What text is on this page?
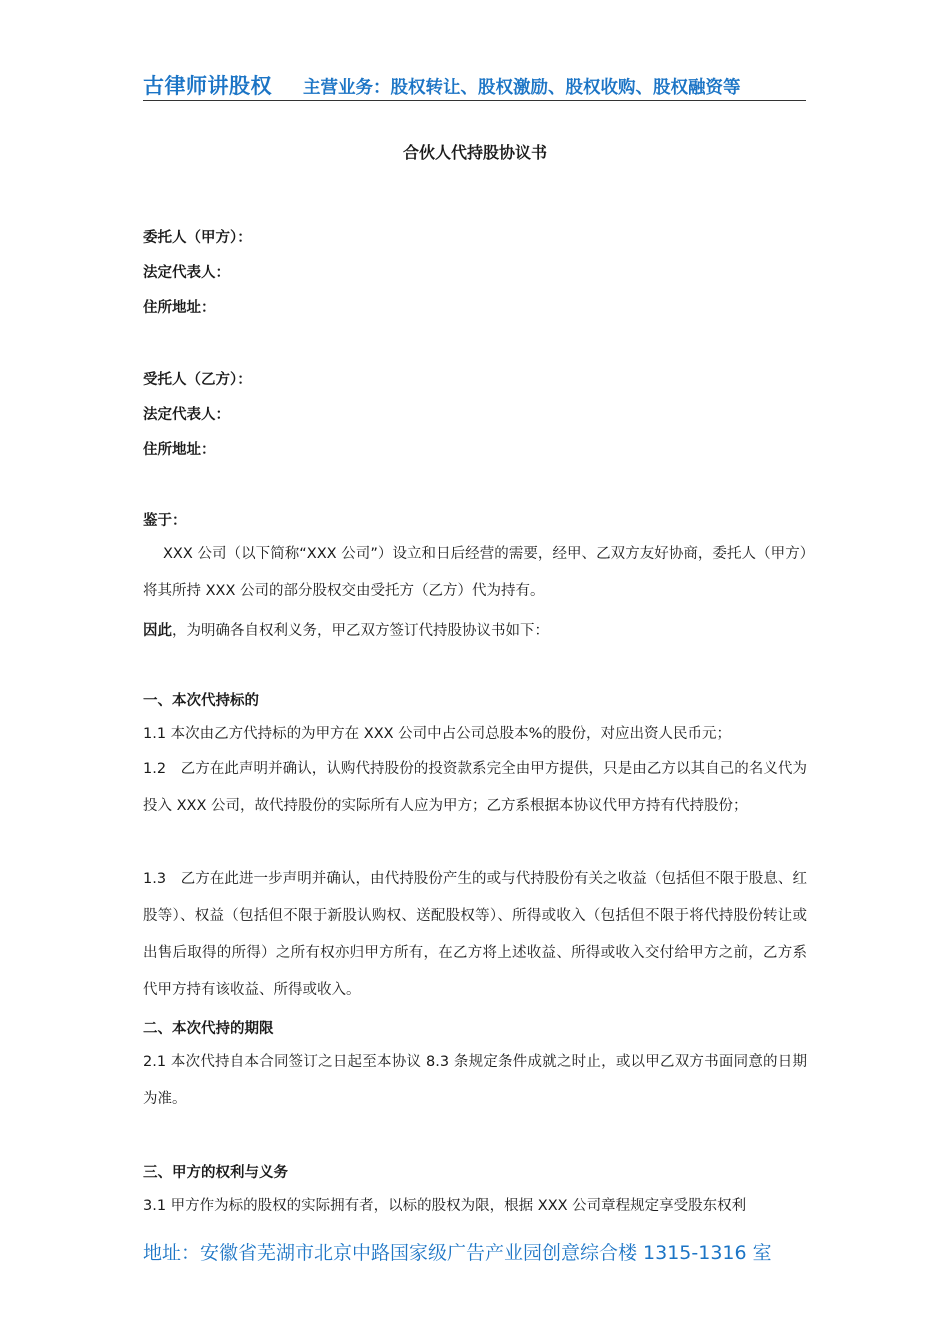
古律师讲股权 主营业务：股权转让、股权激励、股权收购、股权融资等
合伙人代持股协议书
委托人（甲方）：
法定代表人：
住所地址：
受托人（乙方）：
法定代表人：
住所地址：
鉴于：
XXX 公司（以下简称“XXX 公司”）设立和日后经营的需要，经甲、乙双方友好协商，委托人（甲方）将其所持 XXX 公司的部分股权交由受托方（乙方）代为持有。
因此，为明确各自权利义务，甲乙双方签订代持股协议书如下：
一、本次代持标的
1.1 本次由乙方代持标的为甲方在 XXX 公司中占公司总股本%的股份，对应出资人民币元；
1.2　乙方在此声明并确认，认购代持股份的投资款系完全由甲方提供，只是由乙方以其自己的名义代为投入 XXX 公司，故代持股份的实际所有人应为甲方；乙方系根据本协议代甲方持有代持股份；
1.3　乙方在此进一步声明并确认，由代持股份产生的或与代持股份有关之收益（包括但不限于股息、红股等）、权益（包括但不限于新股认购权、送配股权等）、所得或收入（包括但不限于将代持股份转让或出售后取得的所得）之所有权亦归甲方所有，在乙方将上述收益、所得或收入交付给甲方之前，乙方系代甲方持有该收益、所得或收入。
二、本次代持的期限
2.1 本次代持自本合同签订之日起至本协议 8.3 条规定条件成就之时止，或以甲乙双方书面同意的日期为准。
三、甲方的权利与义务
3.1 甲方作为标的股权的实际拥有者，以标的股权为限，根据 XXX 公司章程规定享受股东权利
地址：安徽省芜湖市北京中路国家级广告产业园创意综合楼 1315-1316 室
